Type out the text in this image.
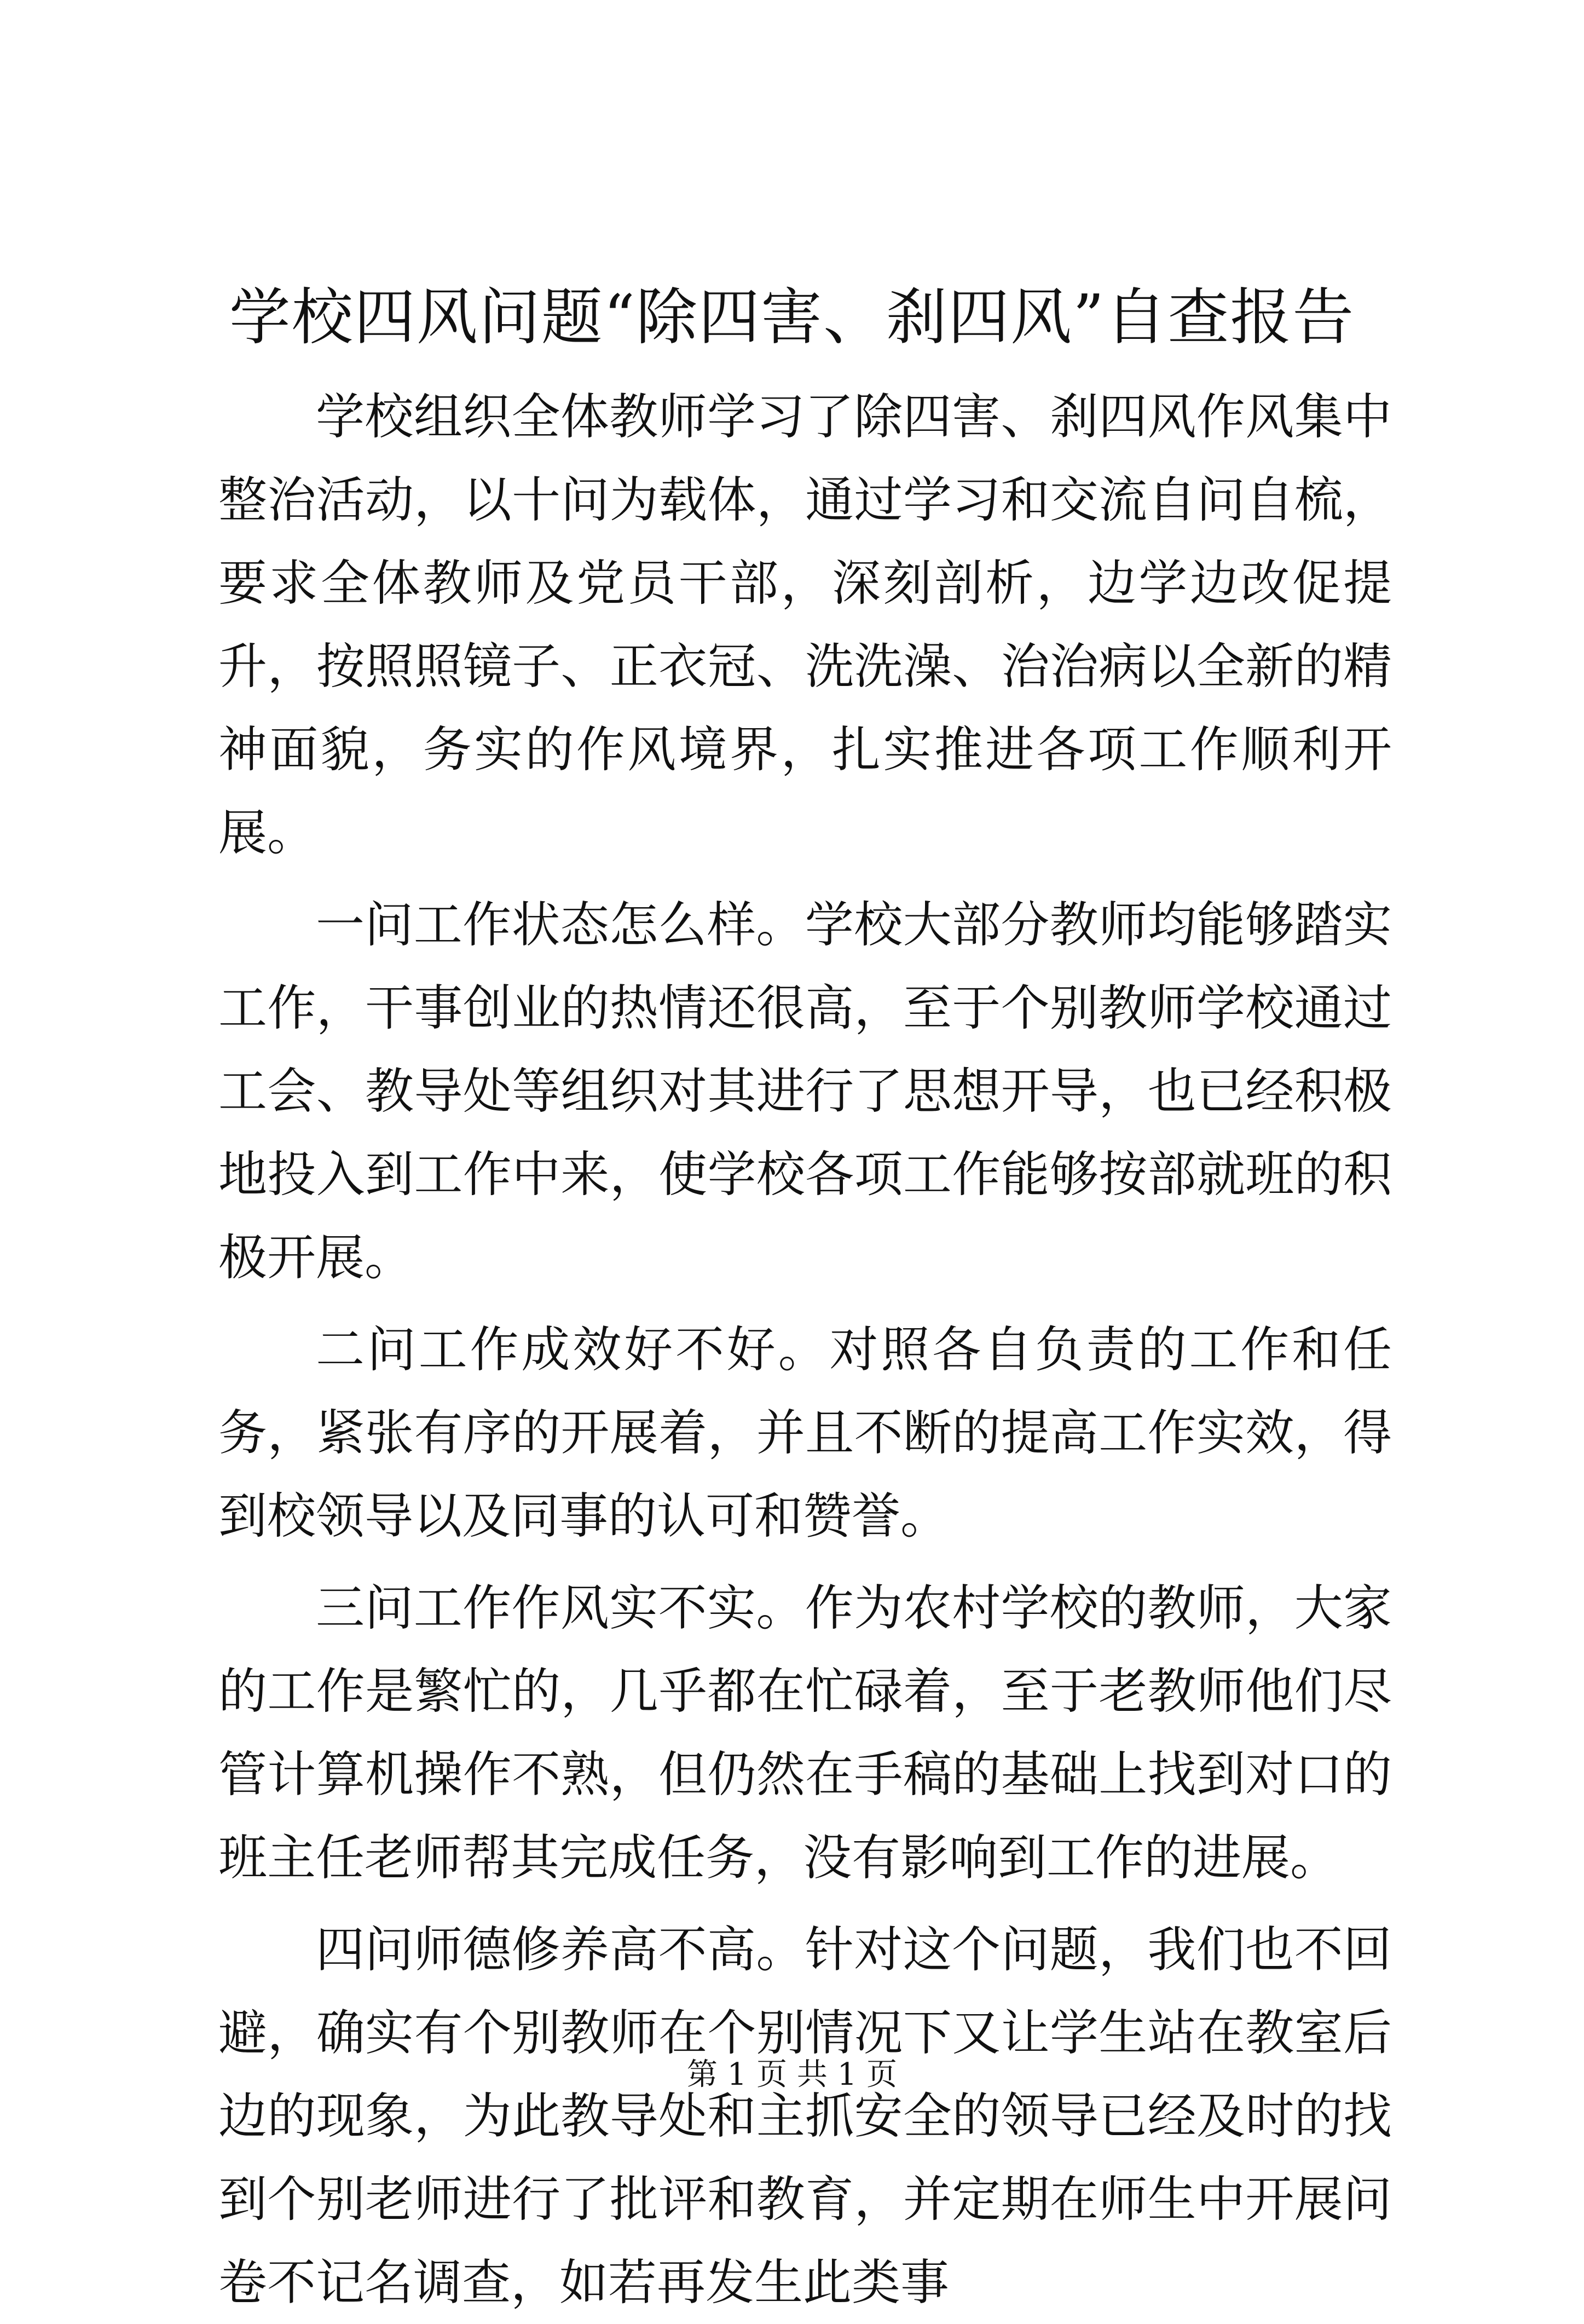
学校四风问题“除四害、刹四风”自查报告

学校组织全体教师学习了除四害、刹四风作风集中整治活动，以十问为载体，通过学习和交流自问自梳，要求全体教师及党员干部，深刻剖析，边学边改促提升，按照照镜子、正衣冠、洗洗澡、治治病以全新的精神面貌，务实的作风境界，扎实推进各项工作顺利开展。

一问工作状态怎么样。学校大部分教师均能够踏实工作，干事创业的热情还很高，至于个别教师学校通过工会、教导处等组织对其进行了思想开导，也已经积极地投入到工作中来，使学校各项工作能够按部就班的积极开展。

二问工作成效好不好。对照各自负责的工作和任务，紧张有序的开展着，并且不断的提高工作实效，得到校领导以及同事的认可和赞誉。

三问工作作风实不实。作为农村学校的教师，大家的工作是繁忙的，几乎都在忙碌着，至于老教师他们尽管计算机操作不熟，但仍然在手稿的基础上找到对口的班主任老师帮其完成任务，没有影响到工作的进展。

四问师德修养高不高。针对这个问题，我们也不回避，确实有个别教师在个别情况下又让学生站在教室后边的现象，为此教导处和主抓安全的领导已经及时的找到个别老师进行了批评和教育，并定期在师生中开展问卷不记名调查，如若再发生此类事

第 1 页 共 1 页
